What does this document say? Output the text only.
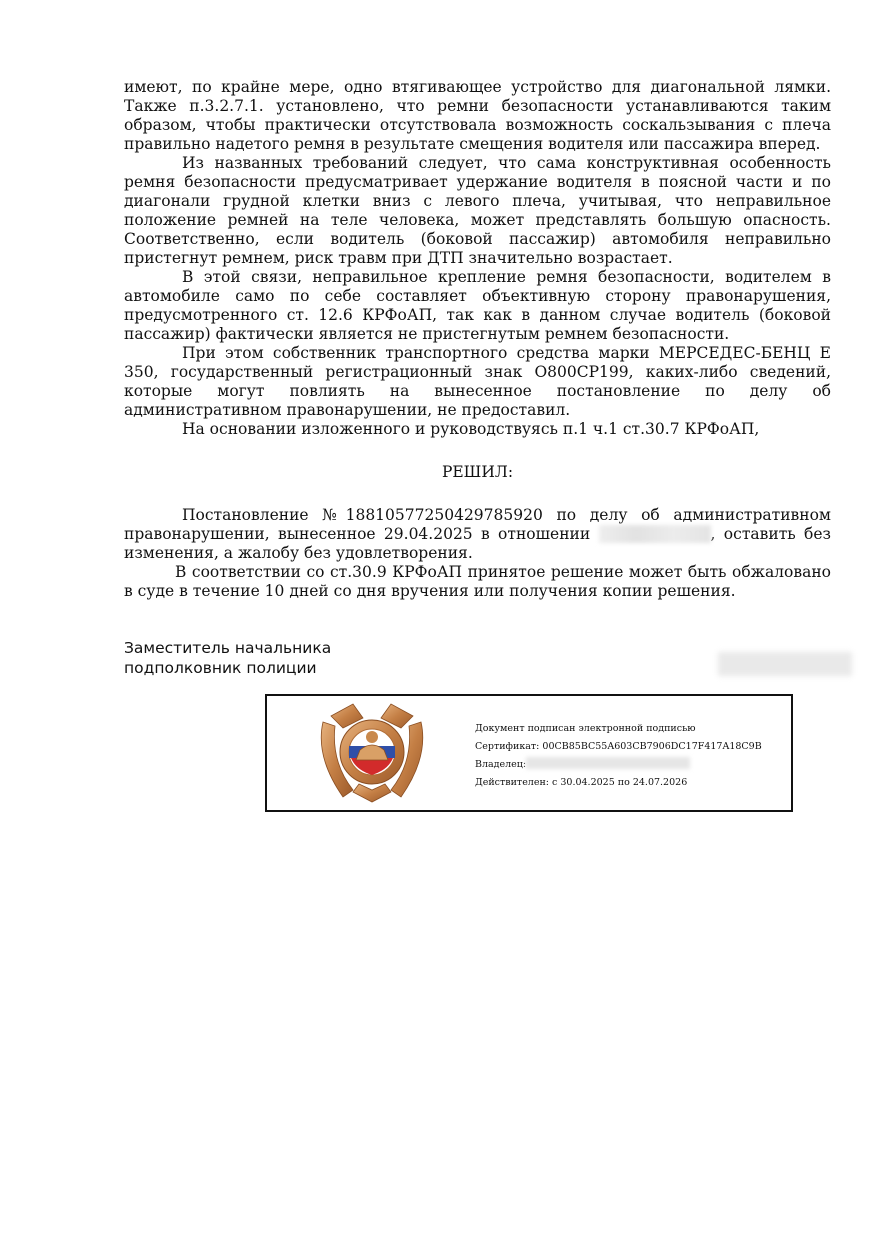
имеют, по крайне мере, одно втягивающее устройство для диагональной лямки. Также п.3.2.7.1. установлено, что ремни безопасности устанавливаются таким образом, чтобы практически отсутствовала возможность соскальзывания с плеча правильно надетого ремня в результате смещения водителя или пассажира вперед.

Из названных требований следует, что сама конструктивная особенность ремня безопасности предусматривает удержание водителя в поясной части и по диагонали грудной клетки вниз с левого плеча, учитывая, что неправильное положение ремней на теле человека, может представлять большую опасность. Соответственно, если водитель (боковой пассажир) автомобиля неправильно пристегнут ремнем, риск травм при ДТП значительно возрастает.

В этой связи, неправильное крепление ремня безопасности, водителем в автомобиле само по себе составляет объективную сторону правонарушения, предусмотренного ст. 12.6 КРФоАП, так как в данном случае водитель (боковой пассажир) фактически является не пристегнутым ремнем безопасности.

При этом собственник транспортного средства марки МЕРСЕДЕС-БЕНЦ Е 350, государственный регистрационный знак О800СР199, каких-либо сведений, которые могут повлиять на вынесенное постановление по делу об административном правонарушении, не предоставил.

На основании изложенного и руководствуясь п.1 ч.1 ст.30.7 КРФоАП,

РЕШИЛ:

Постановление №18810577250429785920 по делу об административном правонарушении, вынесенное 29.04.2025 в отношении	, оставить без изменения, а жалобу без удовлетворения.

В соответствии со ст.30.9 КРФоАП принятое решение может быть обжаловано в суде в течение 10 дней со дня вручения или получения копии решения.

Заместитель начальника
подполковник полиции
Документ подписан электронной подписью
Сертификат: 00CB85BC55A603CB7906DC17F417A18C9B
Владелец:
Действителен: с 30.04.2025 по 24.07.2026
